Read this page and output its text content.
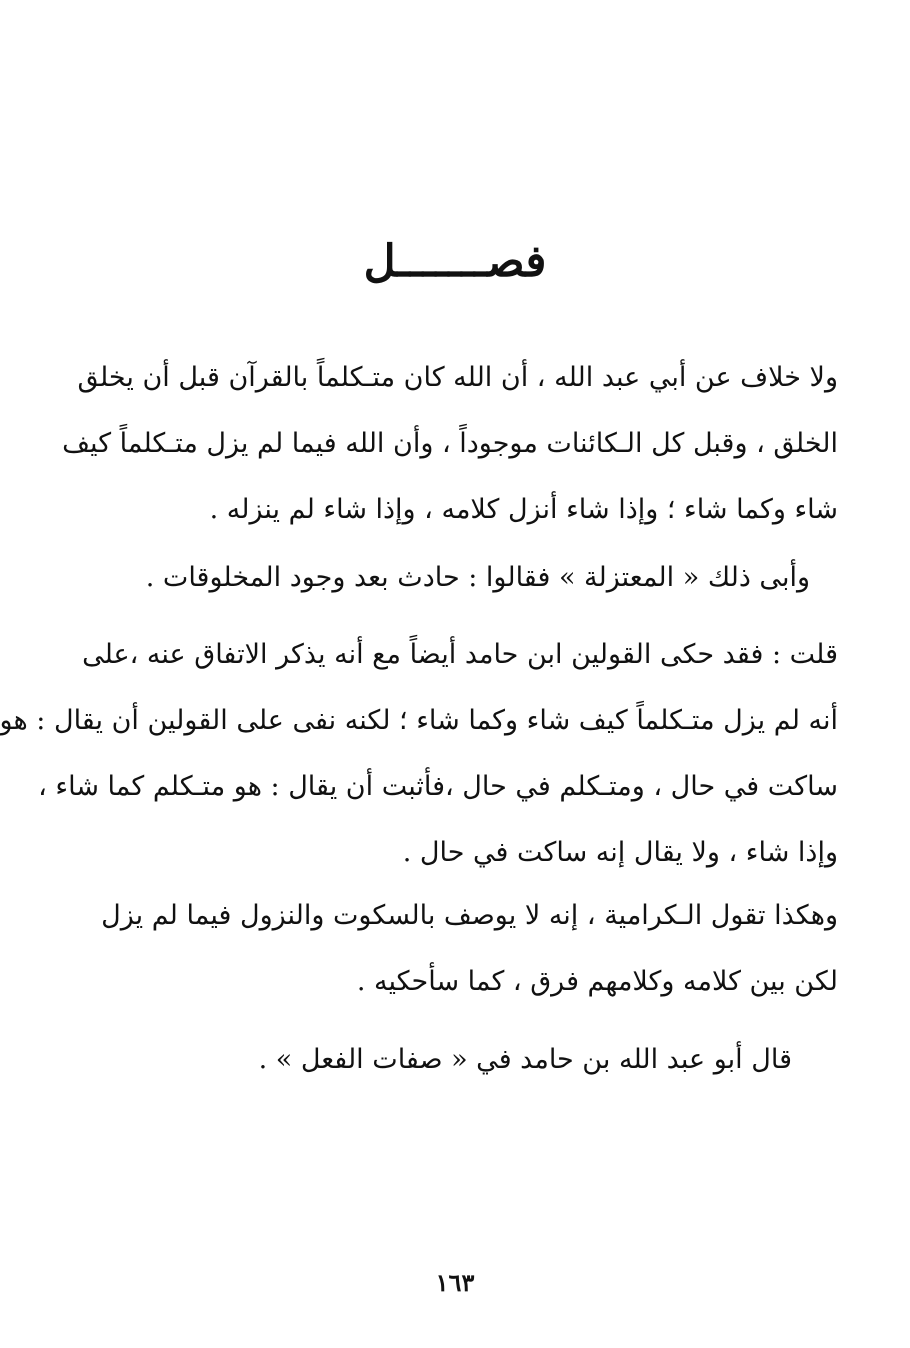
فصـــــــل
ولا خلاف عن أبي عبد الله ، أن الله كان متـكلماً بالقرآن قبل أن يخلق
الخلق ، وقبل كل الـكائنات موجوداً ، وأن الله فيما لم يزل متـكلماً كيف
شاء وكما شاء ؛ وإذا شاء أنزل كلامه ، وإذا شاء لم ينزله .
وأبى ذلك « المعتزلة » فقالوا : حادث بعد وجود المخلوقات .
قلت : فقد حكى القولين ابن حامد أيضاً مع أنه يذكر الاتفاق عنه ،على
أنه لم يزل متـكلماً كيف شاء وكما شاء ؛ لكنه نفى على القولين أن يقال : هو
ساكت في حال ، ومتـكلم في حال ،فأثبت أن يقال : هو متـكلم كما شاء ،
وإذا شاء ، ولا يقال إنه ساكت في حال .
وهكذا تقول الـكرامية ، إنه لا يوصف بالسكوت والنزول فيما لم يزل
لكن بين كلامه وكلامهم فرق ، كما سأحكيه .
قال أبو عبد الله بن حامد في « صفات الفعل » .
١٦٣
